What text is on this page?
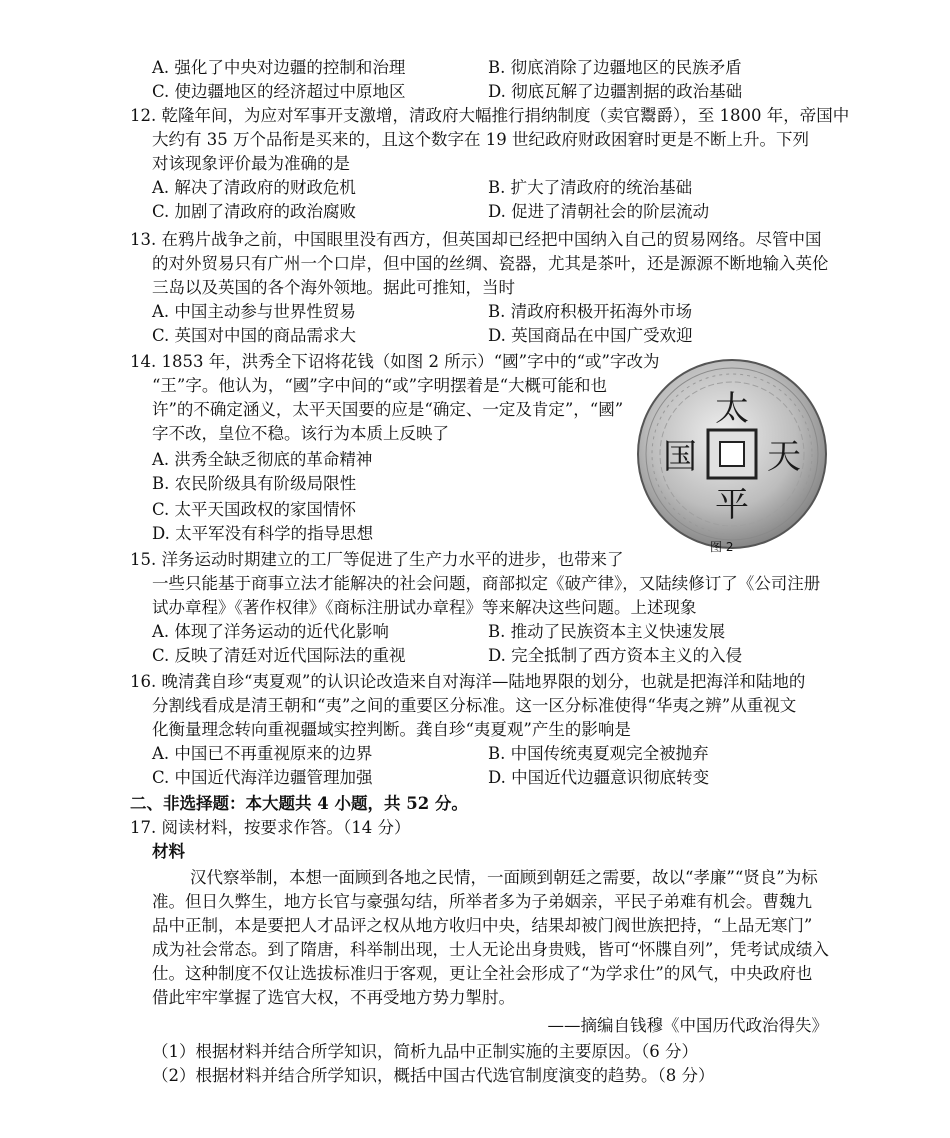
A. 强化了中央对边疆的控制和治理	B. 彻底消除了边疆地区的民族矛盾
C. 使边疆地区的经济超过中原地区	D. 彻底瓦解了边疆割据的政治基础
12. 乾隆年间，为应对军事开支激增，清政府大幅推行捐纳制度（卖官鬻爵），至 1800 年，帝国中
大约有 35 万个品衔是买来的，且这个数字在 19 世纪政府财政困窘时更是不断上升。下列
对该现象评价最为准确的是
A. 解决了清政府的财政危机	B. 扩大了清政府的统治基础
C. 加剧了清政府的政治腐败	D. 促进了清朝社会的阶层流动
13. 在鸦片战争之前，中国眼里没有西方，但英国却已经把中国纳入自己的贸易网络。尽管中国
的对外贸易只有广州一个口岸，但中国的丝绸、瓷器，尤其是茶叶，还是源源不断地输入英伦
三岛以及英国的各个海外领地。据此可推知，当时
A. 中国主动参与世界性贸易	B. 清政府积极开拓海外市场
C. 英国对中国的商品需求大	D. 英国商品在中国广受欢迎
14. 1853 年，洪秀全下诏将花钱（如图 2 所示）“國”字中的“或”字改为
“王”字。他认为，“國”字中间的“或”字明摆着是“大概可能和也
许”的不确定涵义，太平天国要的应是“确定、一定及肯定”，“國”
字不改，皇位不稳。该行为本质上反映了
A. 洪秀全缺乏彻底的革命精神
B. 农民阶级具有阶级局限性
C. 太平天国政权的家国情怀
D. 太平军没有科学的指导思想
太
天
平
国
图 2
15. 洋务运动时期建立的工厂等促进了生产力水平的进步，也带来了
一些只能基于商事立法才能解决的社会问题，商部拟定《破产律》，又陆续修订了《公司注册
试办章程》《著作权律》《商标注册试办章程》等来解决这些问题。上述现象
A. 体现了洋务运动的近代化影响	B. 推动了民族资本主义快速发展
C. 反映了清廷对近代国际法的重视	D. 完全抵制了西方资本主义的入侵
16. 晚清龚自珍“夷夏观”的认识论改造来自对海洋—陆地界限的划分，也就是把海洋和陆地的
分割线看成是清王朝和“夷”之间的重要区分标准。这一区分标准使得“华夷之辨”从重视文
化衡量理念转向重视疆域实控判断。龚自珍“夷夏观”产生的影响是
A. 中国已不再重视原来的边界	B. 中国传统夷夏观完全被抛弃
C. 中国近代海洋边疆管理加强	D. 中国近代边疆意识彻底转变
二、非选择题：本大题共 4 小题，共 52 分。
17. 阅读材料，按要求作答。（14 分）
材料
汉代察举制，本想一面顾到各地之民情，一面顾到朝廷之需要，故以“孝廉”“贤良”为标
准。但日久弊生，地方长官与豪强勾结，所举者多为子弟姻亲，平民子弟难有机会。曹魏九
品中正制，本是要把人才品评之权从地方收归中央，结果却被门阀世族把持，“上品无寒门”
成为社会常态。到了隋唐，科举制出现，士人无论出身贵贱，皆可“怀牒自列”，凭考试成绩入
仕。这种制度不仅让选拔标准归于客观，更让全社会形成了“为学求仕”的风气，中央政府也
借此牢牢掌握了选官大权，不再受地方势力掣肘。
——摘编自钱穆《中国历代政治得失》
（1）根据材料并结合所学知识，简析九品中正制实施的主要原因。（6 分）
（2）根据材料并结合所学知识，概括中国古代选官制度演变的趋势。（8 分）
